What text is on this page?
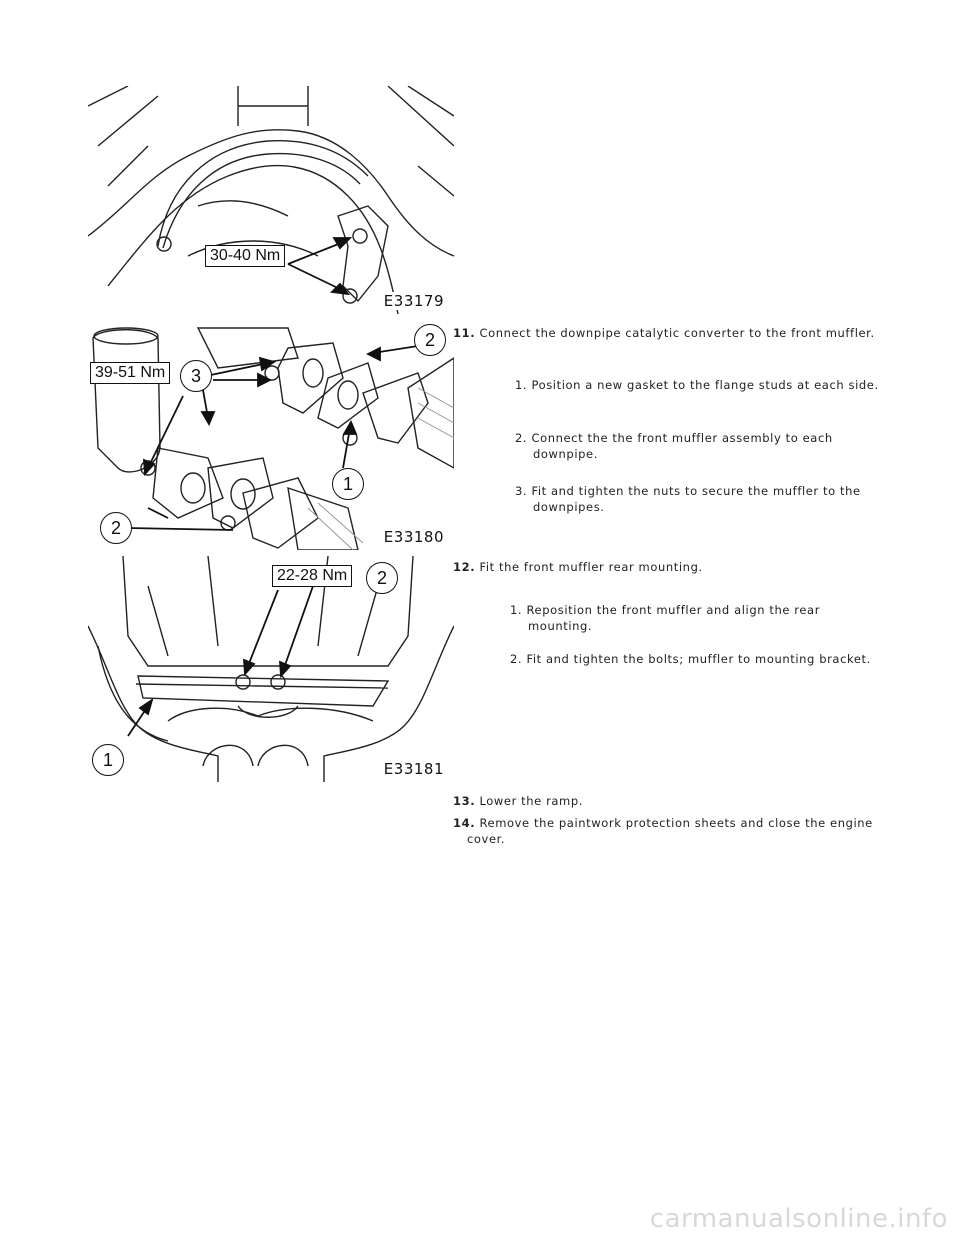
30-40 Nm
E33179
39-51 Nm
2
3
1
2	E33180
22-28 Nm	2
1	E33181
11. Connect the downpipe catalytic converter to the front muffler.
1. Position a new gasket to the flange studs at each side.
2. Connect the the front muffler assembly to each downpipe.
3. Fit and tighten the nuts to secure the muffler to the downpipes.
12. Fit the front muffler rear mounting.
1. Reposition the front muffler and align the rear mounting.
2. Fit and tighten the bolts; muffler to mounting bracket.
13. Lower the ramp.
14. Remove the paintwork protection sheets and close the engine cover.
carmanualsonline.info
